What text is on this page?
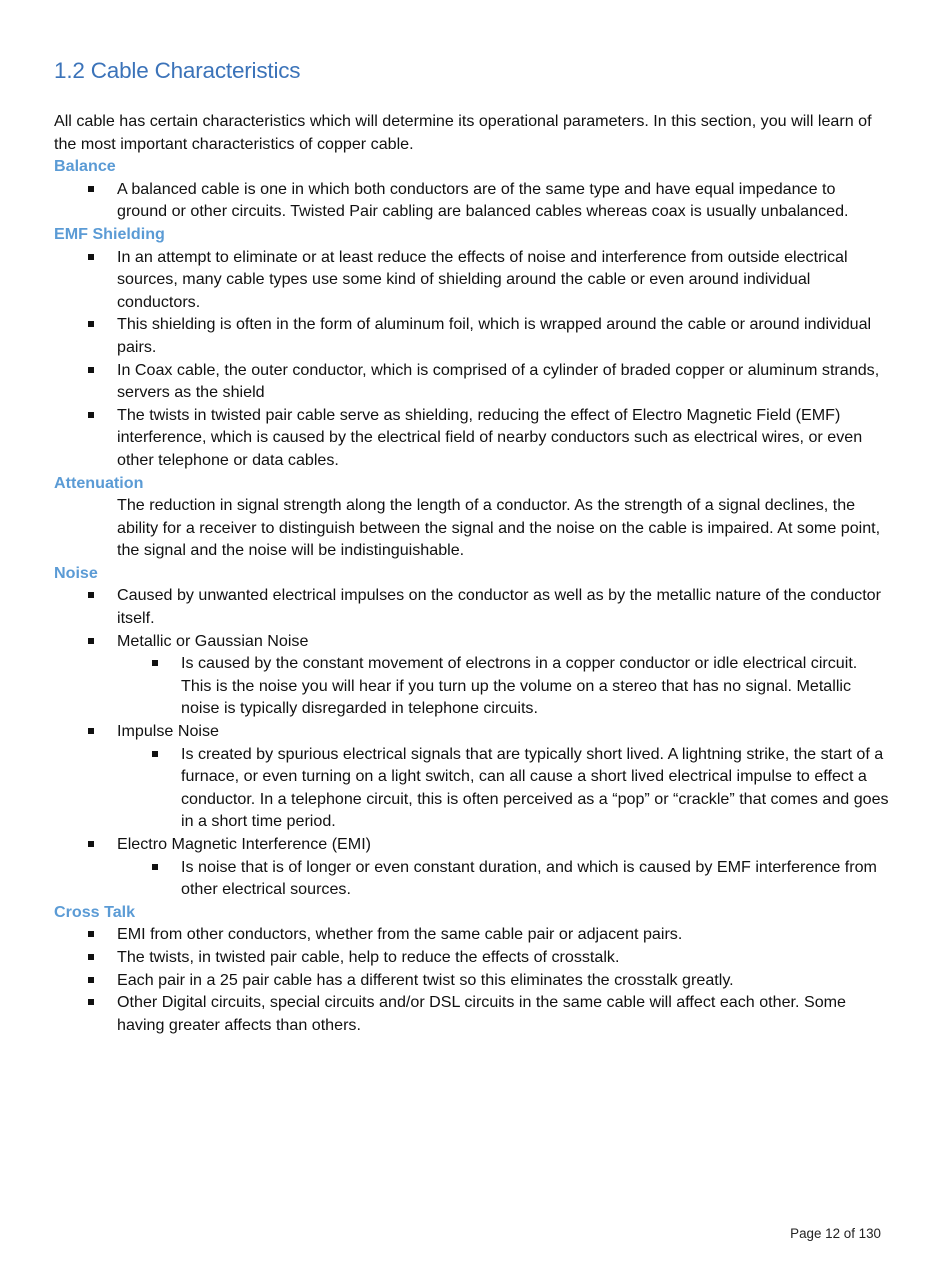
1.2 Cable Characteristics

All cable has certain characteristics which will determine its operational parameters. In this section, you will learn of the most important characteristics of copper cable.

Balance

A balanced cable is one in which both conductors are of the same type and have equal impedance to ground or other circuits. Twisted Pair cabling are balanced cables whereas coax is usually unbalanced.

EMF Shielding

In an attempt to eliminate or at least reduce the effects of noise and interference from outside electrical sources, many cable types use some kind of shielding around the cable or even around individual conductors.
This shielding is often in the form of aluminum foil, which is wrapped around the cable or around individual pairs.
In Coax cable, the outer conductor, which is comprised of a cylinder of braded copper or aluminum strands, servers as the shield
The twists in twisted pair cable serve as shielding, reducing the effect of Electro Magnetic Field (EMF) interference, which is caused by the electrical field of nearby conductors such as electrical wires, or even other telephone or data cables.

Attenuation

The reduction in signal strength along the length of a conductor. As the strength of a signal declines, the ability for a receiver to distinguish between the signal and the noise on the cable is impaired. At some point, the signal and the noise will be indistinguishable.

Noise

Caused by unwanted electrical impulses on the conductor as well as by the metallic nature of the conductor itself.
Metallic or Gaussian Noise
Is caused by the constant movement of electrons in a copper conductor or idle electrical circuit. This is the noise you will hear if you turn up the volume on a stereo that has no signal. Metallic noise is typically disregarded in telephone circuits.
Impulse Noise
Is created by spurious electrical signals that are typically short lived. A lightning strike, the start of a furnace, or even turning on a light switch, can all cause a short lived electrical impulse to effect a conductor. In a telephone circuit, this is often perceived as a “pop” or “crackle” that comes and goes in a short time period.
Electro Magnetic Interference (EMI)
Is noise that is of longer or even constant duration, and which is caused by EMF interference from other electrical sources.

Cross Talk

EMI from other conductors, whether from the same cable pair or adjacent pairs.
The twists, in twisted pair cable, help to reduce the effects of crosstalk.
Each pair in a 25 pair cable has a different twist so this eliminates the crosstalk greatly.
Other Digital circuits, special circuits and/or DSL circuits in the same cable will affect each other. Some having greater affects than others.
Page 12 of 130
